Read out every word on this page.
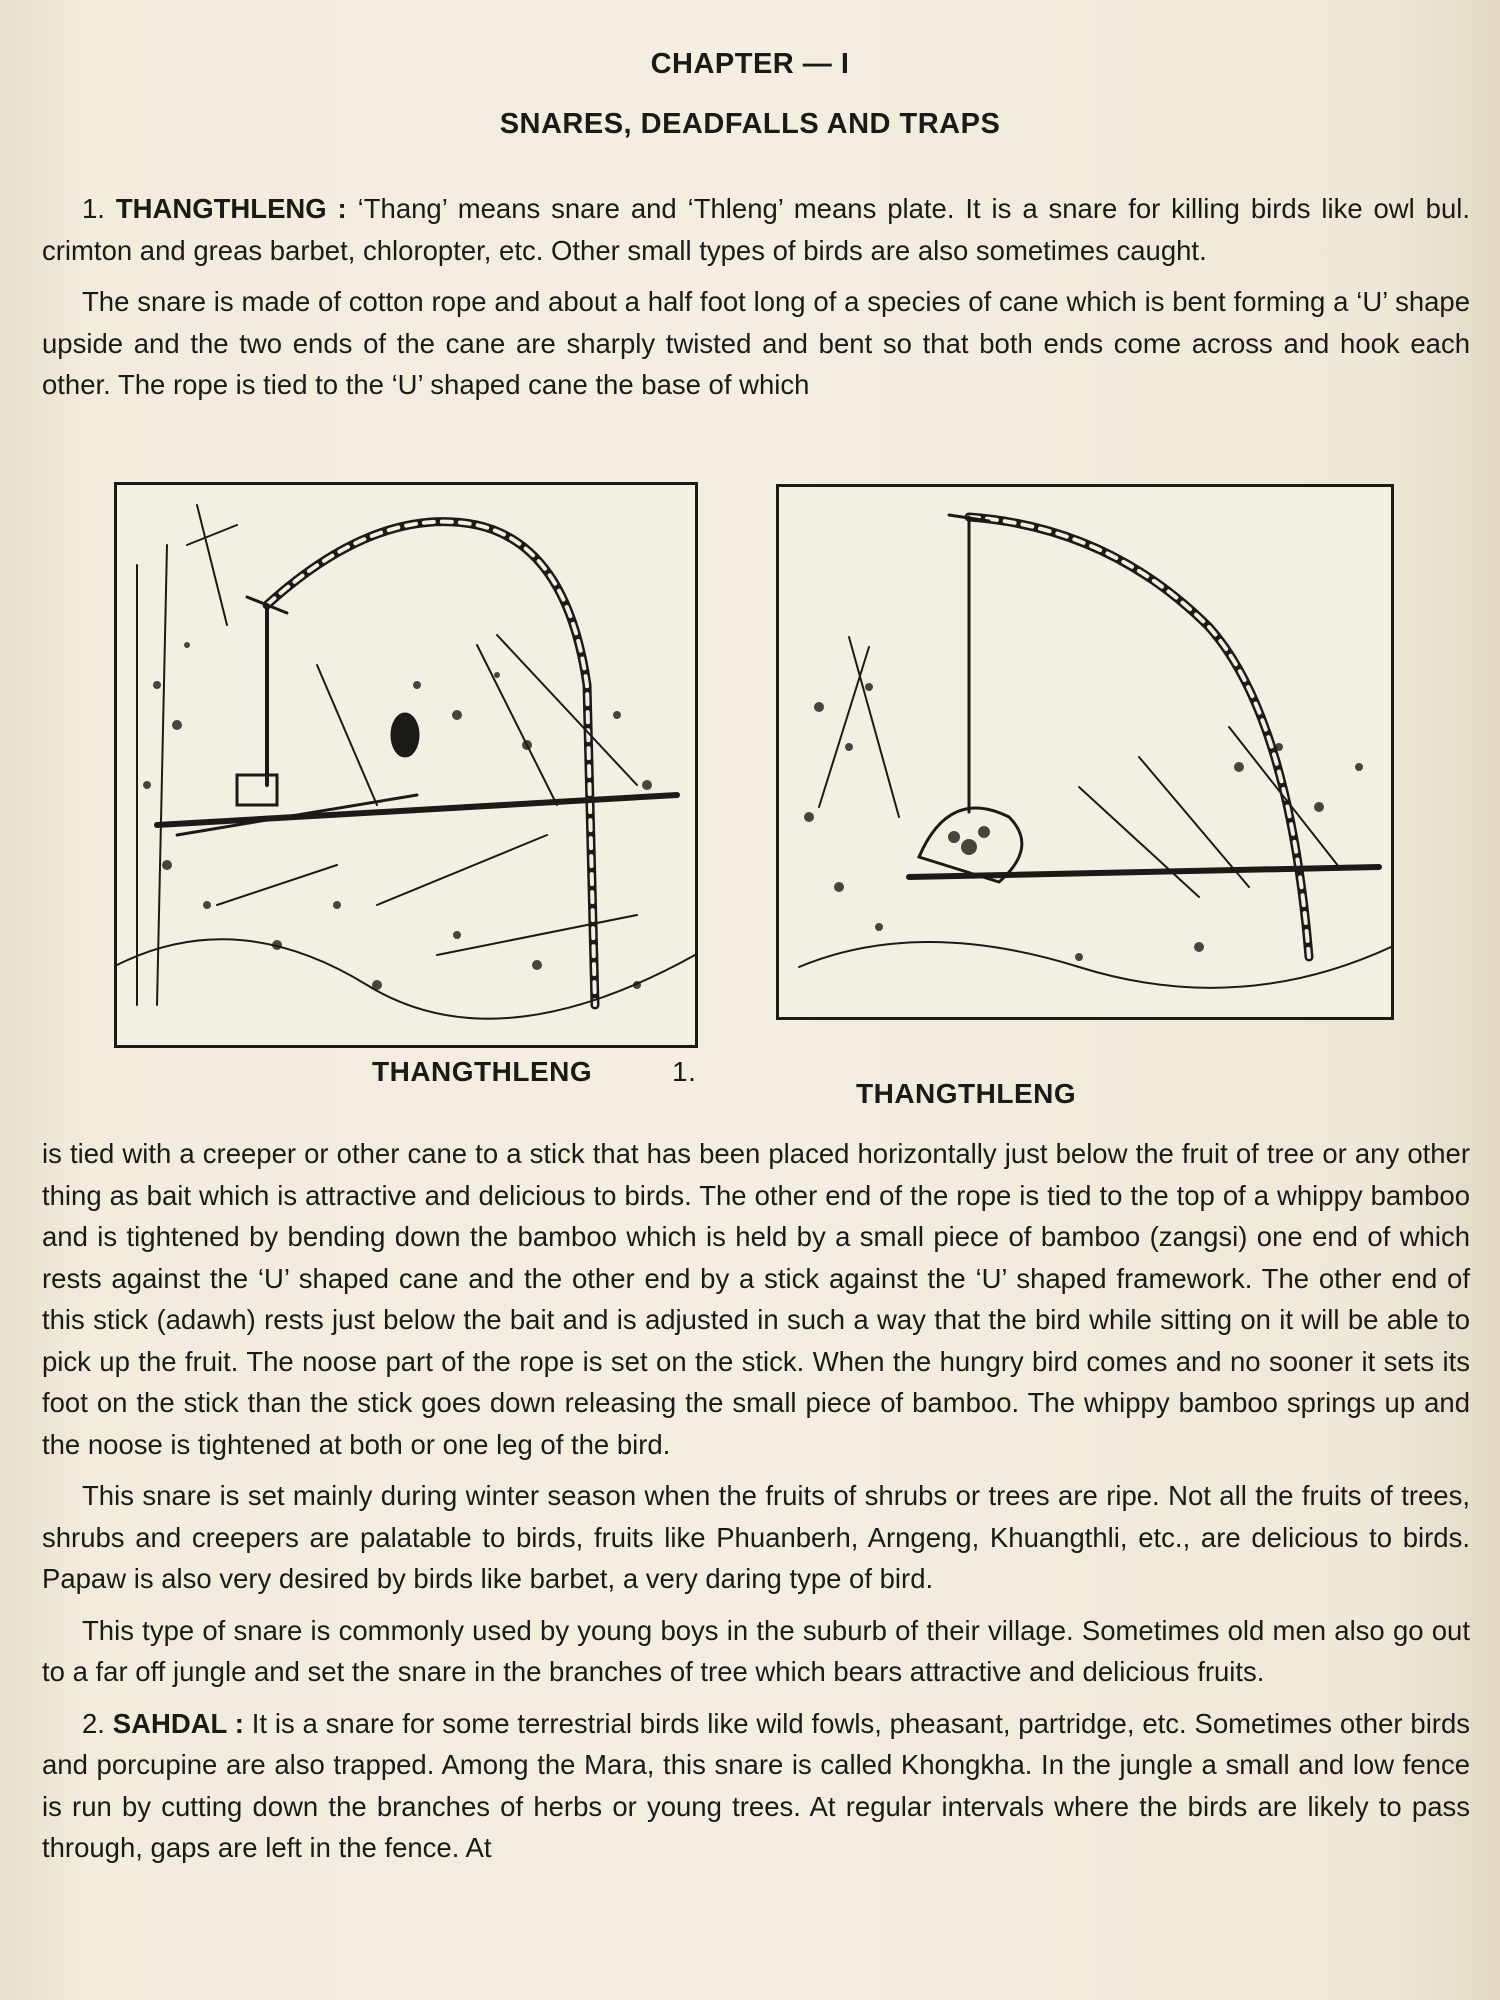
CHAPTER — I
SNARES, DEADFALLS AND TRAPS

1. THANGTHLENG : ‘Thang’ means snare and ‘Thleng’ means plate. It is a snare for killing birds like owl bul. crimton and greas barbet, chloropter, etc. Other small types of birds are also sometimes caught.

The snare is made of cotton rope and about a half foot long of a species of cane which is bent forming a ‘U’ shape upside and the two ends of the cane are sharply twisted and bent so that both ends come across and hook each other. The rope is tied to the ‘U’ shaped cane the base of which

THANGTHLENG	1.
THANGTHLENG

is tied with a creeper or other cane to a stick that has been placed horizontally just below the fruit of tree or any other thing as bait which is attractive and delicious to birds. The other end of the rope is tied to the top of a whippy bamboo and is tightened by bending down the bamboo which is held by a small piece of bamboo (zangsi) one end of which rests against the ‘U’ shaped cane and the other end by a stick against the ‘U’ shaped framework. The other end of this stick (adawh) rests just below the bait and is adjusted in such a way that the bird while sitting on it will be able to pick up the fruit. The noose part of the rope is set on the stick. When the hungry bird comes and no sooner it sets its foot on the stick than the stick goes down releasing the small piece of bamboo. The whippy bamboo springs up and the noose is tightened at both or one leg of the bird.

This snare is set mainly during winter season when the fruits of shrubs or trees are ripe. Not all the fruits of trees, shrubs and creepers are palatable to birds, fruits like Phuanberh, Arngeng, Khuangthli, etc., are delicious to birds. Papaw is also very desired by birds like barbet, a very daring type of bird.

This type of snare is commonly used by young boys in the suburb of their village. Sometimes old men also go out to a far off jungle and set the snare in the branches of tree which bears attractive and delicious fruits.

2. SAHDAL : It is a snare for some terrestrial birds like wild fowls, pheasant, partridge, etc. Sometimes other birds and porcupine are also trapped. Among the Mara, this snare is called Khongkha. In the jungle a small and low fence is run by cutting down the branches of herbs or young trees. At regular intervals where the birds are likely to pass through, gaps are left in the fence. At
